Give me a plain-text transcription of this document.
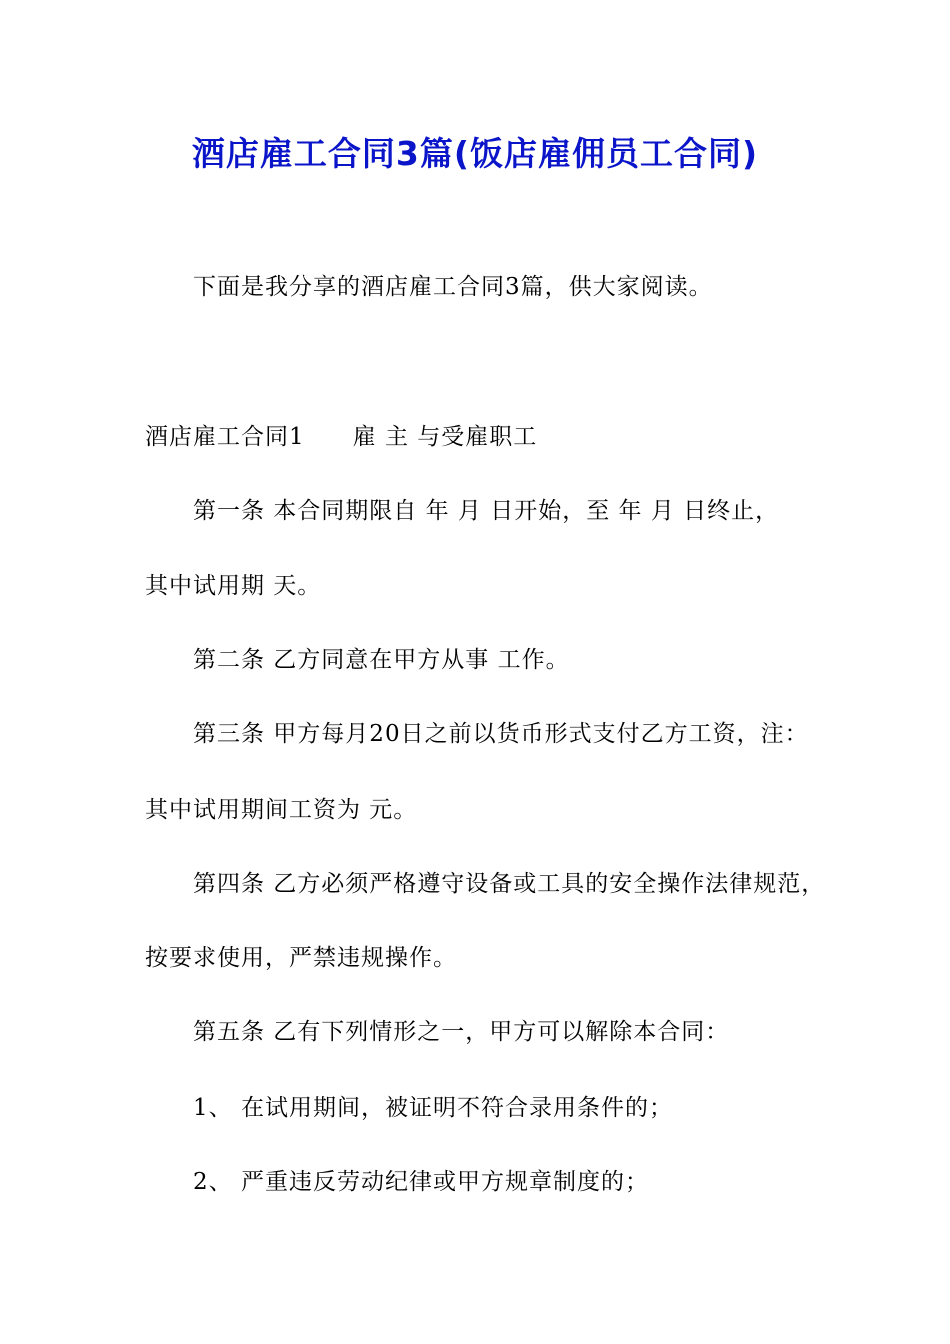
酒店雇工合同3篇(饭店雇佣员工合同)
下面是我分享的酒店雇工合同3篇，供大家阅读。
酒店雇工合同1　　雇 主 与受雇职工
第一条 本合同期限自 年 月 日开始，至 年 月 日终止，
其中试用期 天。
第二条 乙方同意在甲方从事 工作。
第三条 甲方每月20日之前以货币形式支付乙方工资，注：
其中试用期间工资为 元。
第四条 乙方必须严格遵守设备或工具的安全操作法律规范，
按要求使用，严禁违规操作。
第五条 乙有下列情形之一，甲方可以解除本合同：
1、 在试用期间，被证明不符合录用条件的；
2、 严重违反劳动纪律或甲方规章制度的；
